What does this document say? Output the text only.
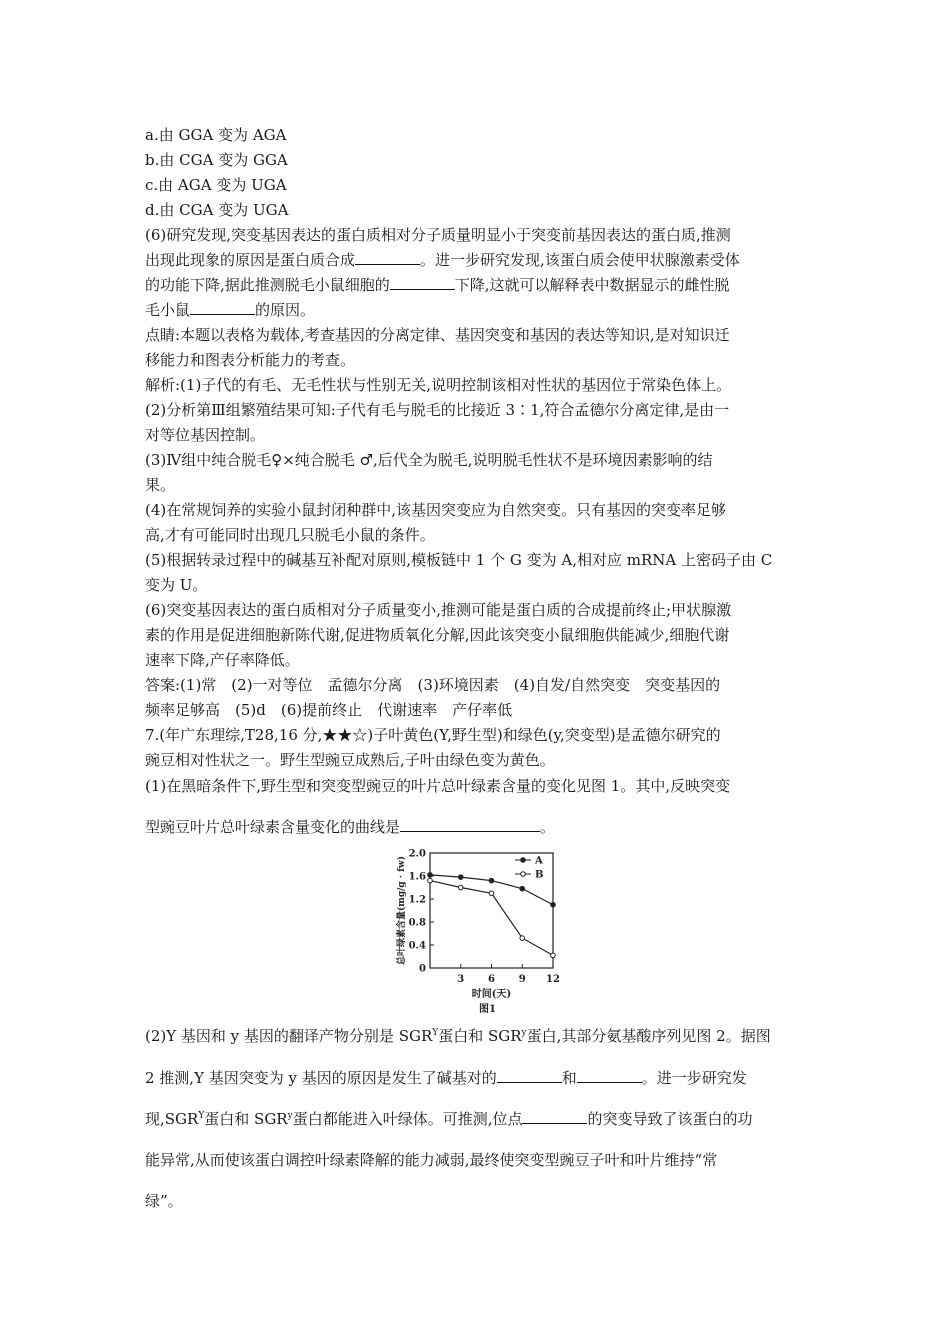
a.由 GGA 变为 AGA
b.由 CGA 变为 GGA
c.由 AGA 变为 UGA
d.由 CGA 变为 UGA
(6)研究发现,突变基因表达的蛋白质相对分子质量明显小于突变前基因表达的蛋白质,推测
出现此现象的原因是蛋白质合成	。进一步研究发现,该蛋白质会使甲状腺激素受体
的功能下降,据此推测脱毛小鼠细胞的	下降,这就可以解释表中数据显示的雌性脱
毛小鼠	的原因。
点睛:本题以表格为载体,考查基因的分离定律、基因突变和基因的表达等知识,是对知识迁
移能力和图表分析能力的考查。
解析:(1)子代的有毛、无毛性状与性别无关,说明控制该相对性状的基因位于常染色体上。
(2)分析第Ⅲ组繁殖结果可知:子代有毛与脱毛的比接近 3∶1,符合孟德尔分离定律,是由一
对等位基因控制。
(3)Ⅳ组中纯合脱毛♀×纯合脱毛 ♂,后代全为脱毛,说明脱毛性状不是环境因素影响的结
果。
(4)在常规饲养的实验小鼠封闭种群中,该基因突变应为自然突变。只有基因的突变率足够
高,才有可能同时出现几只脱毛小鼠的条件。
(5)根据转录过程中的碱基互补配对原则,模板链中 1 个 G 变为 A,相对应 mRNA 上密码子由 C
变为 U。
(6)突变基因表达的蛋白质相对分子质量变小,推测可能是蛋白质的合成提前终止;甲状腺激
素的作用是促进细胞新陈代谢,促进物质氧化分解,因此该突变小鼠细胞供能减少,细胞代谢
速率下降,产仔率降低。
答案:(1)常　(2)一对等位　孟德尔分离　(3)环境因素　(4)自发/自然突变　突变基因的
频率足够高　(5)d　(6)提前终止　代谢速率　产仔率低
7.(年广东理综,T28,16 分,★★☆)子叶黄色(Y,野生型)和绿色(y,突变型)是孟德尔研究的
豌豆相对性状之一。野生型豌豆成熟后,子叶由绿色变为黄色。
(1)在黑暗条件下,野生型和突变型豌豆的叶片总叶绿素含量的变化见图 1。其中,反映突变
型豌豆叶片总叶绿素含量变化的曲线是	。
(2)Y 基因和 y 基因的翻译产物分别是 $SGR^Y$蛋白和 SGR$^y$蛋白,其部分氨基酸序列见图 2。据图
2 推测,Y 基因突变为 y 基因的原因是发生了碱基对的	和	。进一步研究发
现$,SGR^Y$蛋白和 SGR$^y$蛋白都能进入叶绿体。可推测,位点	的突变导致了该蛋白的功
能异常,从而使该蛋白调控叶绿素降解的能力减弱,最终使突变型豌豆子叶和叶片维持“常
绿”。
0
0.4
0.8
1.2
1.6
2.0
3 6 9 12
时间(天)
总叶绿素含量(mg/g · fw)
图1
A
B
